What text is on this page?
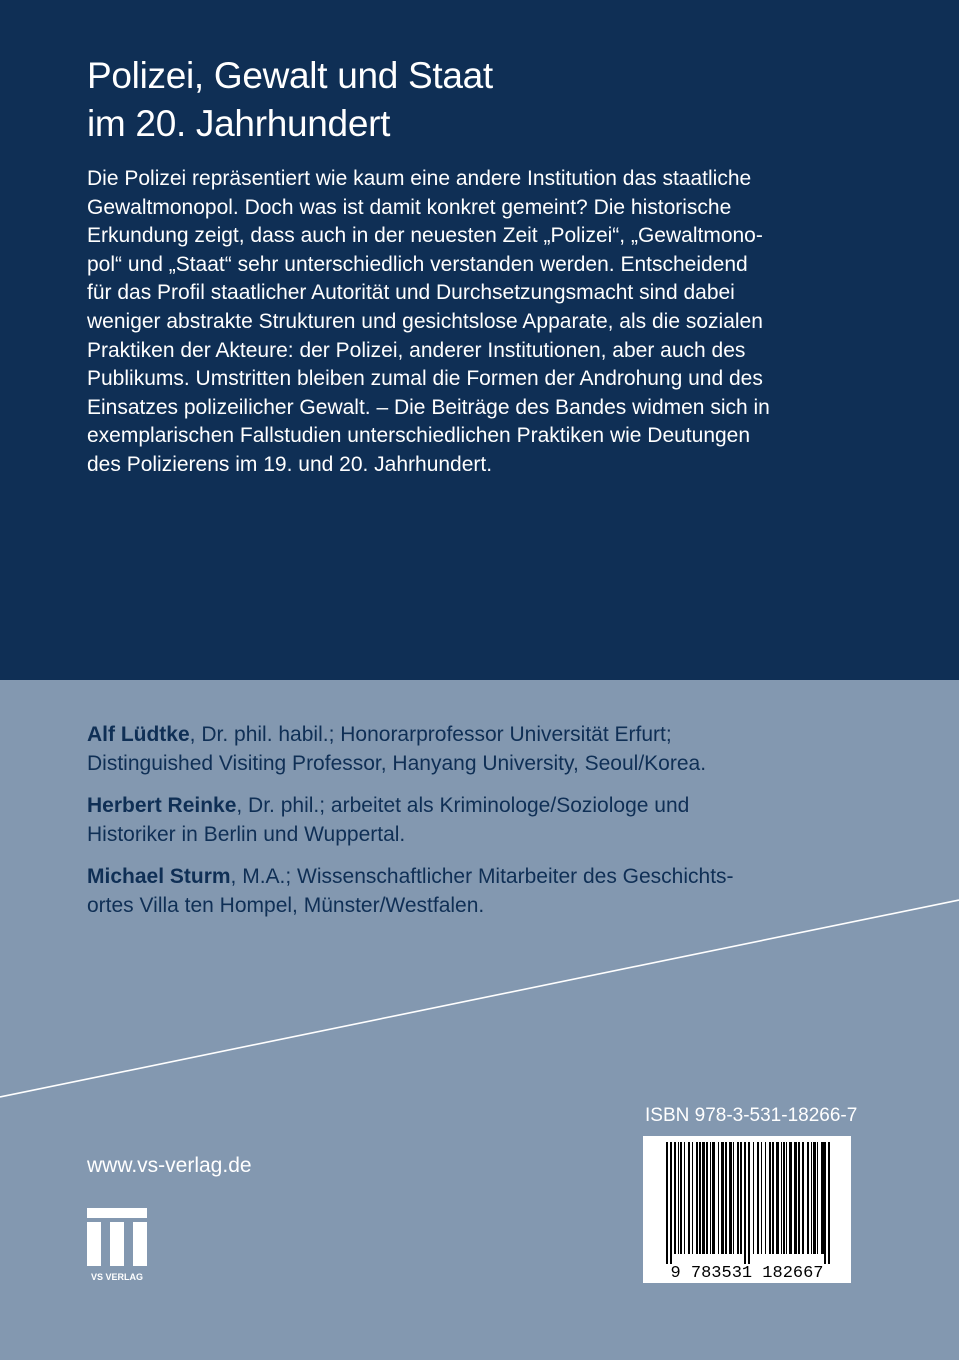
Polizei, Gewalt und Staat
im 20. Jahrhundert

Die Polizei repräsentiert wie kaum eine andere Institution das staatliche
Gewaltmonopol. Doch was ist damit konkret gemeint? Die historische
Erkundung zeigt, dass auch in der neuesten Zeit „Polizei“, „Gewaltmono-
pol“ und „Staat“ sehr unterschiedlich verstanden werden. Entscheidend
für das Profil staatlicher Autorität und Durchsetzungsmacht sind dabei
weniger abstrakte Strukturen und gesichtslose Apparate, als die sozialen
Praktiken der Akteure: der Polizei, anderer Institutionen, aber auch des
Publikums. Umstritten bleiben zumal die Formen der Androhung und des
Einsatzes polizeilicher Gewalt. – Die Beiträge des Bandes widmen sich in
exemplarischen Fallstudien unterschiedlichen Praktiken wie Deutungen
des Polizierens im 19. und 20. Jahrhundert.

Alf Lüdtke, Dr. phil. habil.; Honorarprofessor Universität Erfurt;
Distinguished Visiting Professor, Hanyang University, Seoul/Korea.

Herbert Reinke, Dr. phil.; arbeitet als Kriminologe/Soziologe und
Historiker in Berlin und Wuppertal.

Michael Sturm, M.A.; Wissenschaftlicher Mitarbeiter des Geschichts-
ortes Villa ten Hompel, Münster/Westfalen.

ISBN 978-3-531-18266-7
9 783531 182667
www.vs-verlag.de
VS VERLAG
